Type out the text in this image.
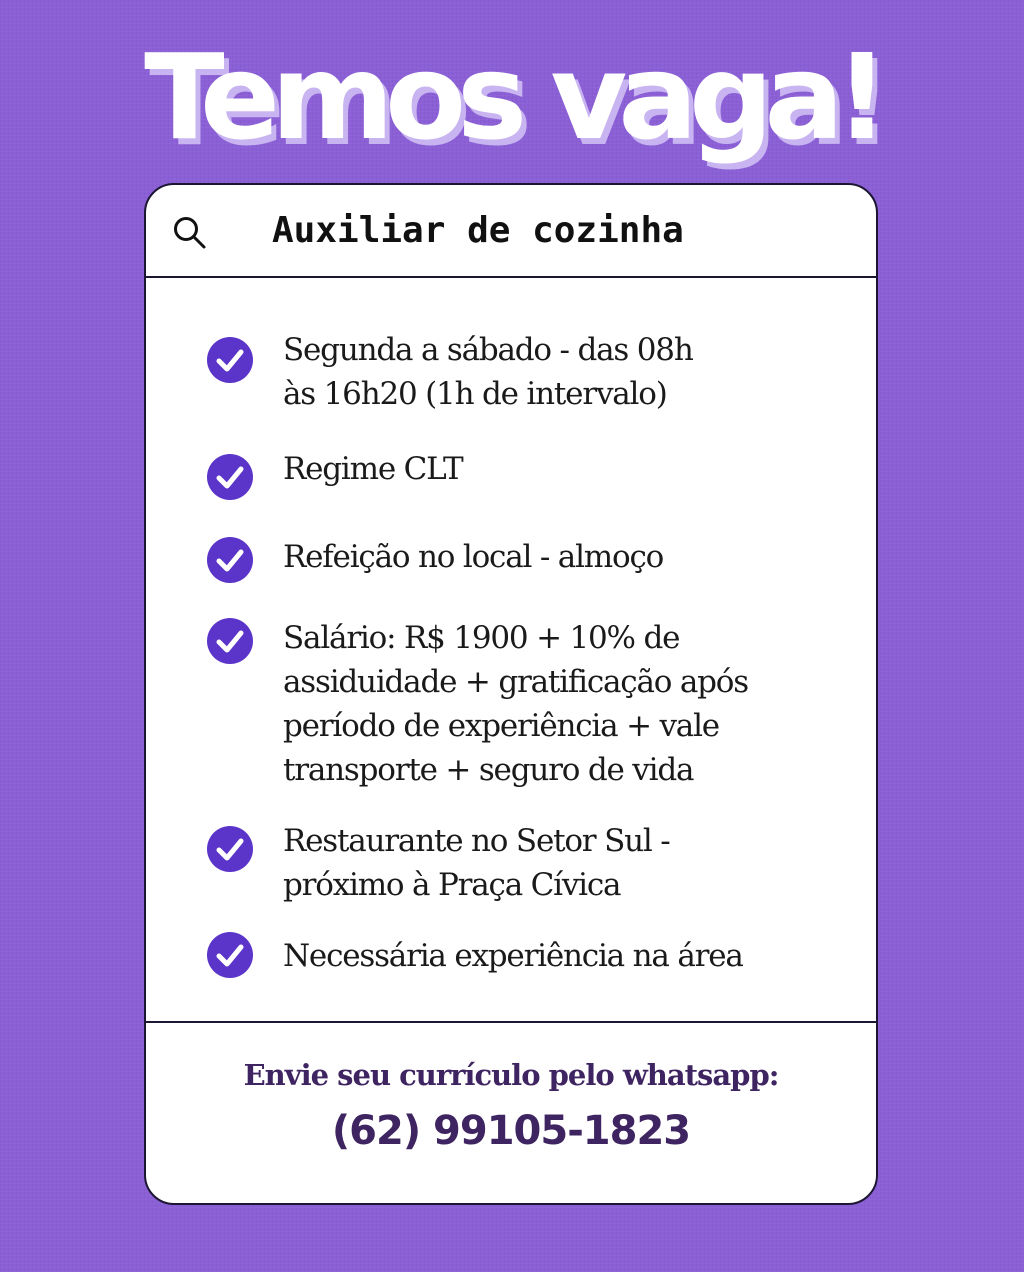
Temos vaga!
Auxiliar de cozinha
Segunda a sábado - das 08h
às 16h20 (1h de intervalo)
Regime CLT
Refeição no local - almoço
Salário: R$ 1900 + 10% de
assiduidade + gratificação após
período de experiência + vale
transporte + seguro de vida
Restaurante no Setor Sul -
próximo à Praça Cívica
Necessária experiência na área
Envie seu currículo pelo whatsapp:
(62) 99105-1823
